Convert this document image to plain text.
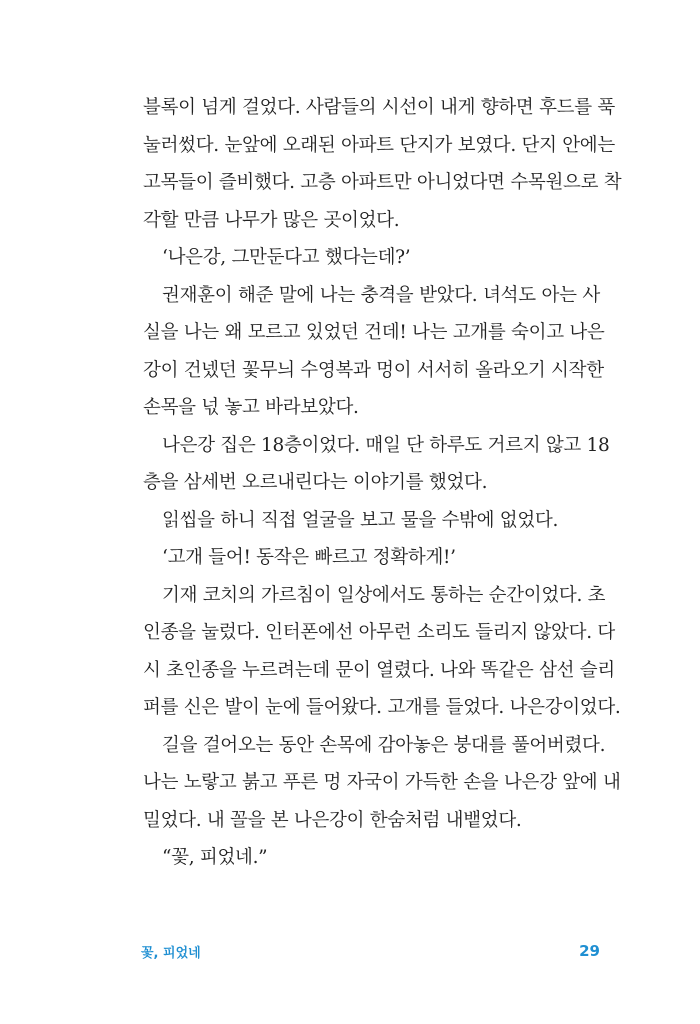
블록이 넘게 걸었다. 사람들의 시선이 내게 향하면 후드를 푹
눌러썼다. 눈앞에 오래된 아파트 단지가 보였다. 단지 안에는
고목들이 즐비했다. 고층 아파트만 아니었다면 수목원으로 착
각할 만큼 나무가 많은 곳이었다.
‘나은강, 그만둔다고 했다는데?’
권재훈이 해준 말에 나는 충격을 받았다. 녀석도 아는 사
실을 나는 왜 모르고 있었던 건데! 나는 고개를 숙이고 나은
강이 건넸던 꽃무늬 수영복과 멍이 서서히 올라오기 시작한
손목을 넋 놓고 바라보았다.
나은강 집은 18층이었다. 매일 단 하루도 거르지 않고 18
층을 삼세번 오르내린다는 이야기를 했었다.
읽씹을 하니 직접 얼굴을 보고 물을 수밖에 없었다.
‘고개 들어! 동작은 빠르고 정확하게!’
기재 코치의 가르침이 일상에서도 통하는 순간이었다. 초
인종을 눌렀다. 인터폰에선 아무런 소리도 들리지 않았다. 다
시 초인종을 누르려는데 문이 열렸다. 나와 똑같은 삼선 슬리
퍼를 신은 발이 눈에 들어왔다. 고개를 들었다. 나은강이었다.
길을 걸어오는 동안 손목에 감아놓은 붕대를 풀어버렸다.
나는 노랗고 붉고 푸른 멍 자국이 가득한 손을 나은강 앞에 내
밀었다. 내 꼴을 본 나은강이 한숨처럼 내뱉었다.
“꽃, 피었네.”
꽃, 피었네	29
